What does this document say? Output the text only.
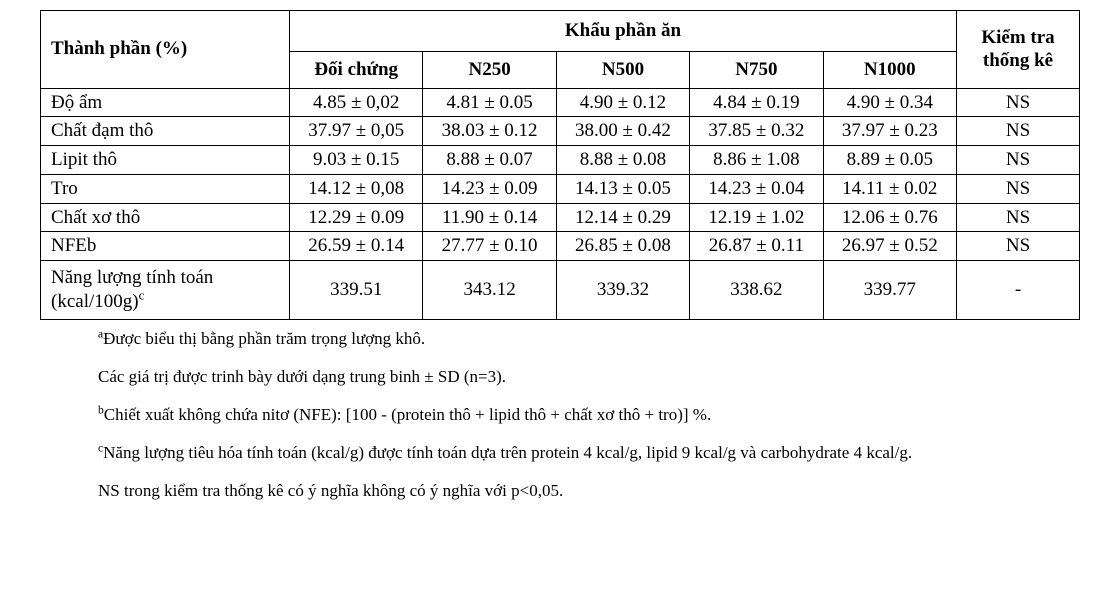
Thành phần (%)	Khẩu phần ăn					Kiểm tra
thống kê

	Đối chứng	N250	N500	N750	N1000	
Độ ẩm	4.85 ± 0,02	4.81 ± 0.05	4.90 ± 0.12	4.84 ± 0.19	4.90 ± 0.34	NS
Chất đạm thô	37.97 ± 0,05	38.03 ± 0.12	38.00 ± 0.42	37.85 ± 0.32	37.97 ± 0.23	NS
Lipit thô	9.03 ± 0.15	8.88 ± 0.07	8.88 ± 0.08	8.86 ± 1.08	8.89 ± 0.05	NS
Tro	14.12 ± 0,08	14.23 ± 0.09	14.13 ± 0.05	14.23 ± 0.04	14.11 ± 0.02	NS
Chất xơ thô	12.29 ± 0.09	11.90 ± 0.14	12.14 ± 0.29	12.19 ± 1.02	12.06 ± 0.76	NS
NFEb	26.59 ± 0.14	27.77 ± 0.10	26.85 ± 0.08	26.87 ± 0.11	26.97 ± 0.52	NS
Năng lượng tính toán (kcal/100g)$^c$	339.51	343.12	339.32	338.62	339.77	-
$^a$Được biểu thị bằng phần trăm trọng lượng khô.
Các giá trị được trinh bày dưới dạng trung binh ± SD (n=3).
$^b$Chiết xuất không chứa nitơ (NFE): [100 - (protein thô + lipid thô + chất xơ thô + tro)] %.
$^c$Năng lượng tiêu hóa tính toán (kcal/g) được tính toán dựa trên protein 4 kcal/g, lipid 9 kcal/g và carbohydrate 4 kcal/g.
NS trong kiểm tra thống kê có ý nghĩa không có ý nghĩa với p<0,05.
